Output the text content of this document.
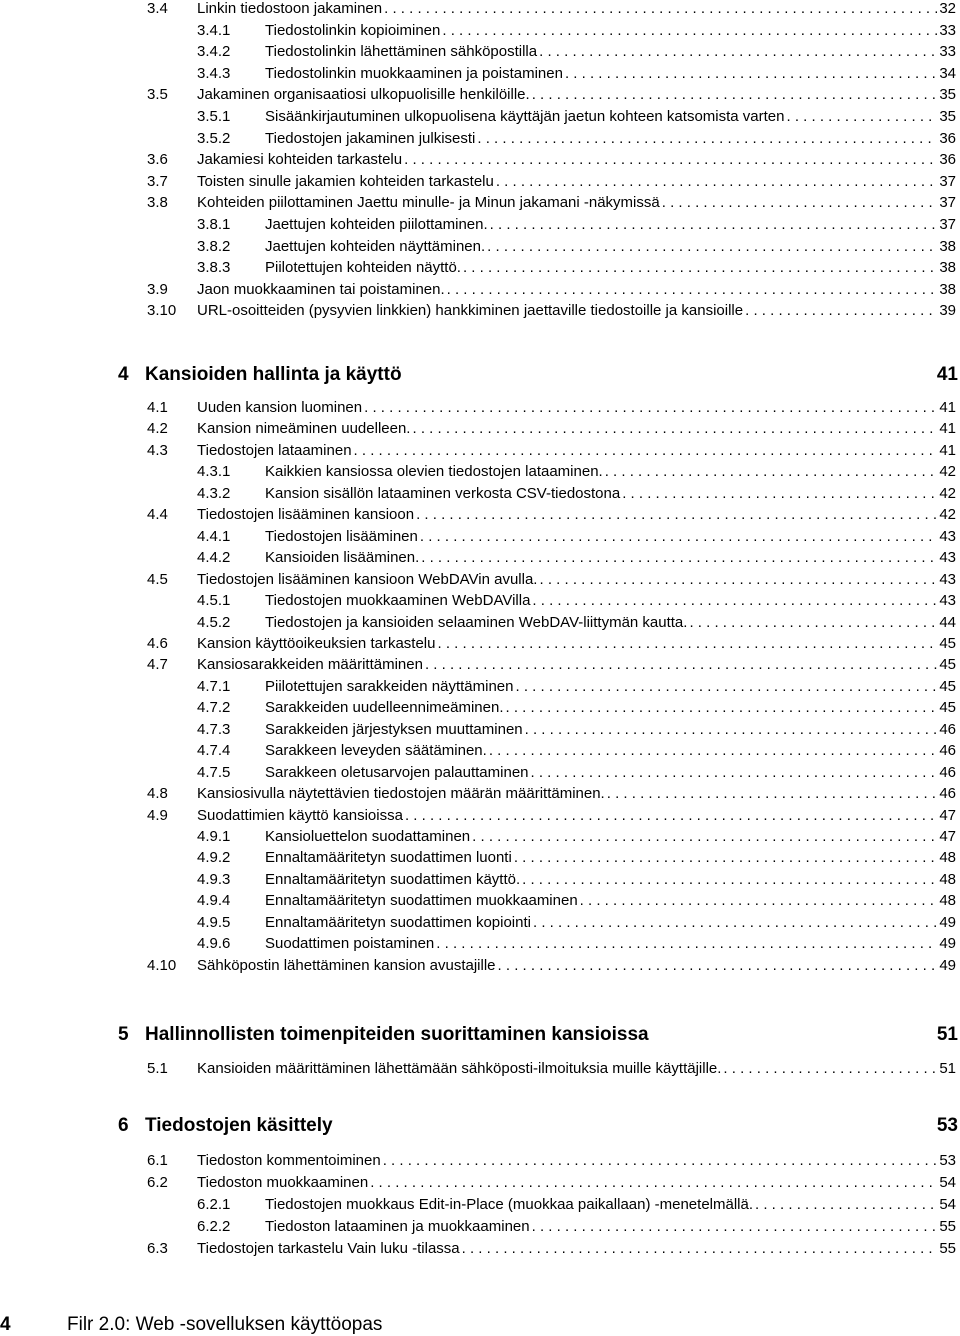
3.4	Linkin tiedostoon jakaminen . . .	32
3.4.1	Tiedostolinkin kopioiminen . . .	33
3.4.2	Tiedostolinkin lähettäminen sähköpostilla . . .	33
3.4.3	Tiedostolinkin muokkaaminen ja poistaminen . . .	34
3.5	Jakaminen organisaatiosi ulkopuolisille henkilöille. . . .	35
3.5.1	Sisäänkirjautuminen ulkopuolisena käyttäjän jaetun kohteen katsomista varten . . .	35
3.5.2	Tiedostojen jakaminen julkisesti . . .	36
3.6	Jakamiesi kohteiden tarkastelu . . .	36
3.7	Toisten sinulle jakamien kohteiden tarkastelu . . .	37
3.8	Kohteiden piilottaminen Jaettu minulle- ja Minun jakamani -näkymissä . . .	37
3.8.1	Jaettujen kohteiden piilottaminen. . . .	37
3.8.2	Jaettujen kohteiden näyttäminen. . . .	38
3.8.3	Piilotettujen kohteiden näyttö. . . .	38
3.9	Jaon muokkaaminen tai poistaminen. . . .	38
3.10	URL-osoitteiden (pysyvien linkkien) hankkiminen jaettaville tiedostoille ja kansioille . . .	39
4 Kansioiden hallinta ja käyttö	41
4.1	Uuden kansion luominen . . .	41
4.2	Kansion nimeäminen uudelleen. . . .	41
4.3	Tiedostojen lataaminen . . .	41
4.3.1	Kaikkien kansiossa olevien tiedostojen lataaminen. . . .	42
4.3.2	Kansion sisällön lataaminen verkosta CSV-tiedostona . . .	42
4.4	Tiedostojen lisääminen kansioon . . .	42
4.4.1	Tiedostojen lisääminen . . .	43
4.4.2	Kansioiden lisääminen. . . .	43
4.5	Tiedostojen lisääminen kansioon WebDAVin avulla. . . .	43
4.5.1	Tiedostojen muokkaaminen WebDAVilla . . .	43
4.5.2	Tiedostojen ja kansioiden selaaminen WebDAV-liittymän kautta. . . .	44
4.6	Kansion käyttöoikeuksien tarkastelu . . .	45
4.7	Kansiosarakkeiden määrittäminen . . .	45
4.7.1	Piilotettujen sarakkeiden näyttäminen . . .	45
4.7.2	Sarakkeiden uudelleennimeäminen. . . .	45
4.7.3	Sarakkeiden järjestyksen muuttaminen . . .	46
4.7.4	Sarakkeen leveyden säätäminen. . . .	46
4.7.5	Sarakkeen oletusarvojen palauttaminen . . .	46
4.8	Kansiosivulla näytettävien tiedostojen määrän määrittäminen. . . .	46
4.9	Suodattimien käyttö kansioissa . . .	47
4.9.1	Kansioluettelon suodattaminen . . .	47
4.9.2	Ennaltamääritetyn suodattimen luonti . . .	48
4.9.3	Ennaltamääritetyn suodattimen käyttö. . . .	48
4.9.4	Ennaltamääritetyn suodattimen muokkaaminen . . .	48
4.9.5	Ennaltamääritetyn suodattimen kopiointi . . .	49
4.9.6	Suodattimen poistaminen . . .	49
4.10	Sähköpostin lähettäminen kansion avustajille . . .	49
5 Hallinnollisten toimenpiteiden suorittaminen kansioissa	51
5.1	Kansioiden määrittäminen lähettämään sähköposti-ilmoituksia muille käyttäjille. . . .	51
6 Tiedostojen käsittely	53
6.1	Tiedoston kommentoiminen . . .	53
6.2	Tiedoston muokkaaminen . . .	54
6.2.1	Tiedostojen muokkaus Edit-in-Place (muokkaa paikallaan) -menetelmällä. . . .	54
6.2.2	Tiedoston lataaminen ja muokkaaminen . . .	55
6.3	Tiedostojen tarkastelu Vain luku -tilassa . . .	55
4	Filr 2.0: Web -sovelluksen käyttöopas
